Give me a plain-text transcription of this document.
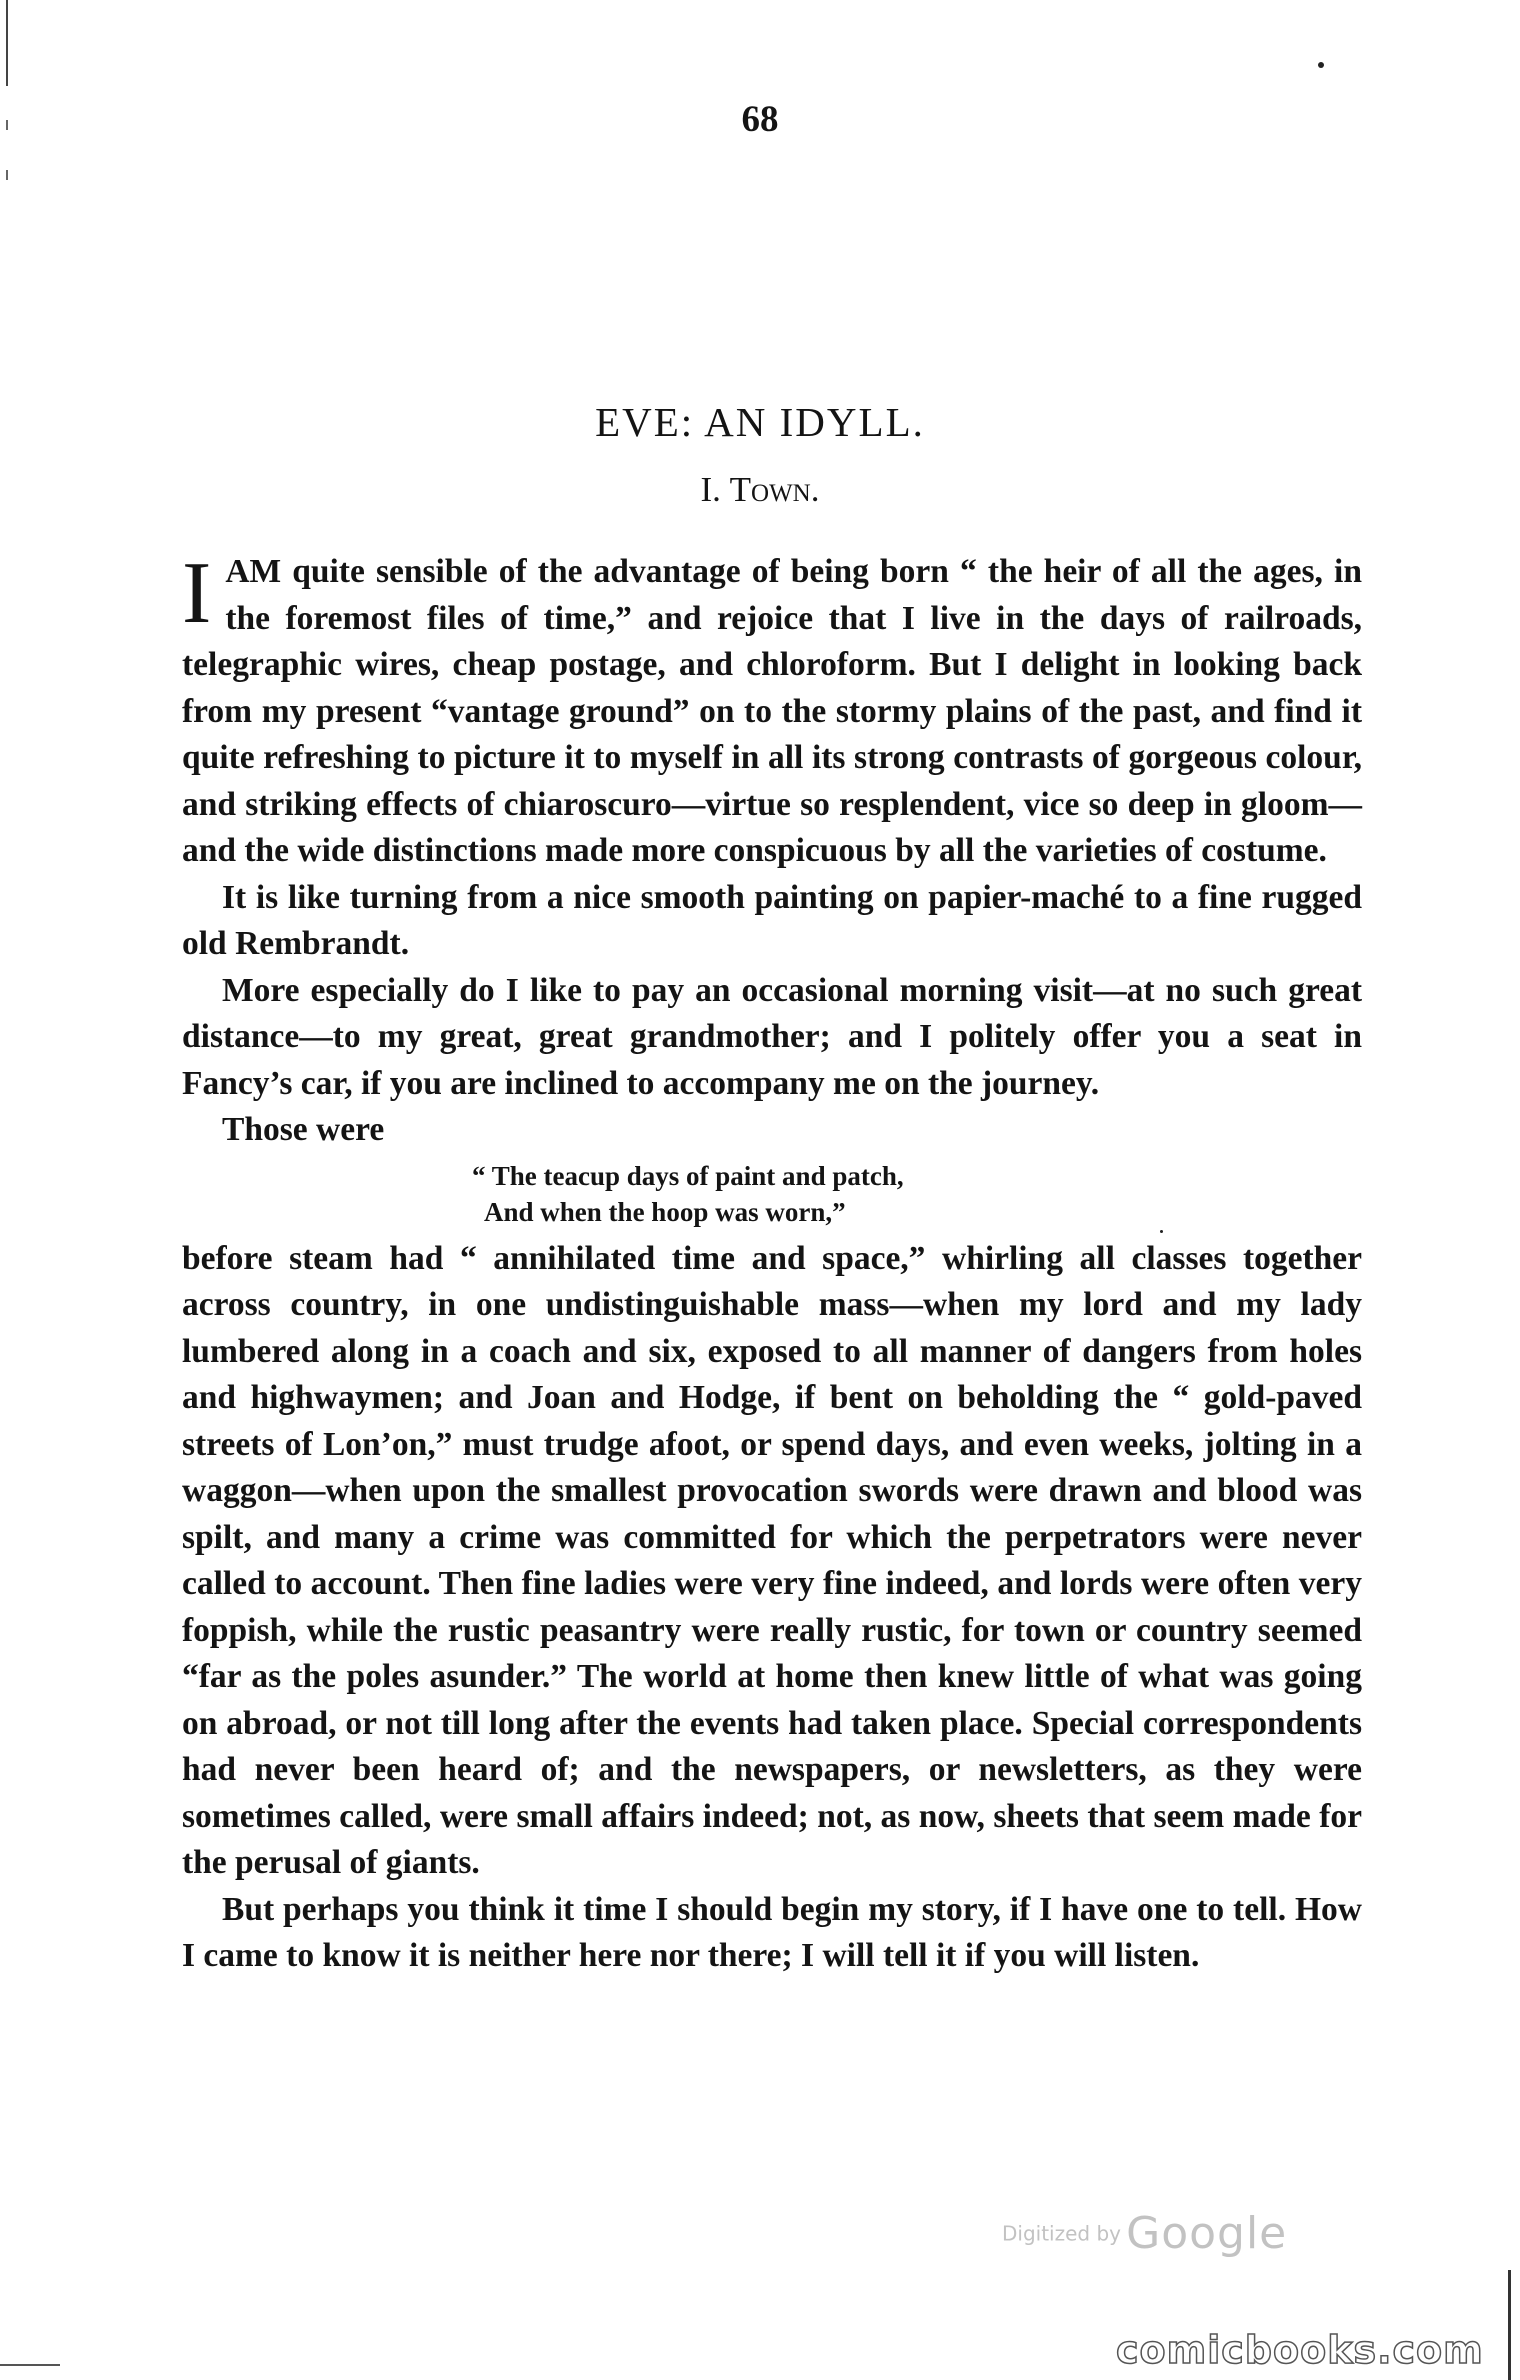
68
EVE: AN IDYLL.
I. Town.

I AM quite sensible of the advantage of being born “ the heir of all the ages, in the foremost files of time,” and rejoice that I live in the days of railroads, telegraphic wires, cheap postage, and chloroform. But I delight in looking back from my present “vantage ground” on to the stormy plains of the past, and find it quite refreshing to picture it to myself in all its strong contrasts of gorgeous colour, and striking effects of chiaroscuro—virtue so resplendent, vice so deep in gloom—and the wide distinctions made more conspicuous by all the varieties of costume.

It is like turning from a nice smooth painting on papier-maché to a fine rugged old Rembrandt.

More especially do I like to pay an occasional morning visit—at no such great distance—to my great, great grandmother; and I politely offer you a seat in Fancy’s car, if you are inclined to accompany me on the journey.

Those were

“ The teacup days of paint and patch,
And when the hoop was worn,”

before steam had “ annihilated time and space,” whirling all classes together across country, in one undistinguishable mass—when my lord and my lady lumbered along in a coach and six, exposed to all manner of dangers from holes and highwaymen; and Joan and Hodge, if bent on beholding the “ gold-paved streets of Lon’on,” must trudge afoot, or spend days, and even weeks, jolting in a waggon—when upon the smallest provocation swords were drawn and blood was spilt, and many a crime was committed for which the perpetrators were never called to account. Then fine ladies were very fine indeed, and lords were often very foppish, while the rustic peasantry were really rustic, for town or country seemed “far as the poles asunder.” The world at home then knew little of what was going on abroad, or not till long after the events had taken place. Special correspondents had never been heard of; and the newspapers, or newsletters, as they were sometimes called, were small affairs indeed; not, as now, sheets that seem made for the perusal of giants.

But perhaps you think it time I should begin my story, if I have one to tell. How I came to know it is neither here nor there; I will tell it if you will listen.

Digitized by Google
comicbooks.com
